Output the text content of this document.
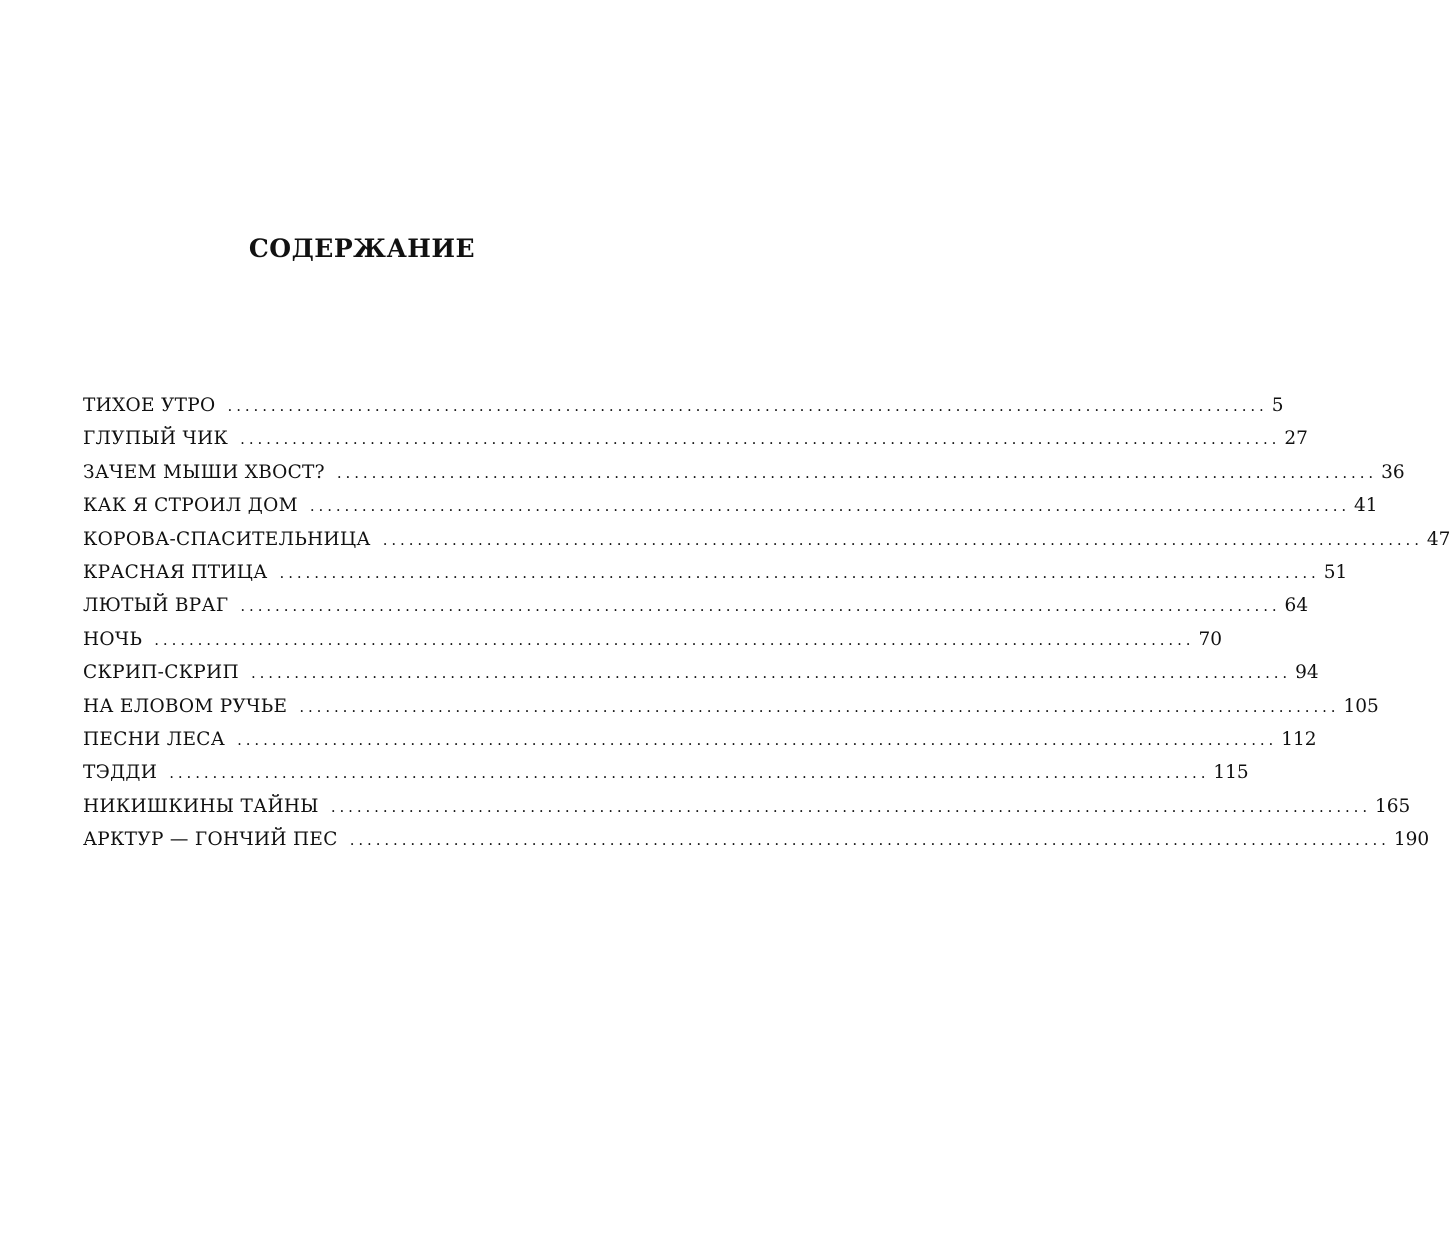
СОДЕРЖАНИЕ
ТИХОЕ УТРО ........................................................................................................................ 5
ГЛУПЫЙ ЧИК ........................................................................................................................ 27
ЗАЧЕМ МЫШИ ХВОСТ? ........................................................................................................................ 36
КАК Я СТРОИЛ ДОМ ........................................................................................................................ 41
КОРОВА-СПАСИТЕЛЬНИЦА ........................................................................................................................ 47
КРАСНАЯ ПТИЦА ........................................................................................................................ 51
ЛЮТЫЙ ВРАГ ........................................................................................................................ 64
НОЧЬ ........................................................................................................................ 70
СКРИП-СКРИП ........................................................................................................................ 94
НА ЕЛОВОМ РУЧЬЕ ........................................................................................................................ 105
ПЕСНИ ЛЕСА ........................................................................................................................ 112
ТЭДДИ ........................................................................................................................ 115
НИКИШКИНЫ ТАЙНЫ ........................................................................................................................ 165
АРКТУР — ГОНЧИЙ ПЕС ........................................................................................................................ 190
